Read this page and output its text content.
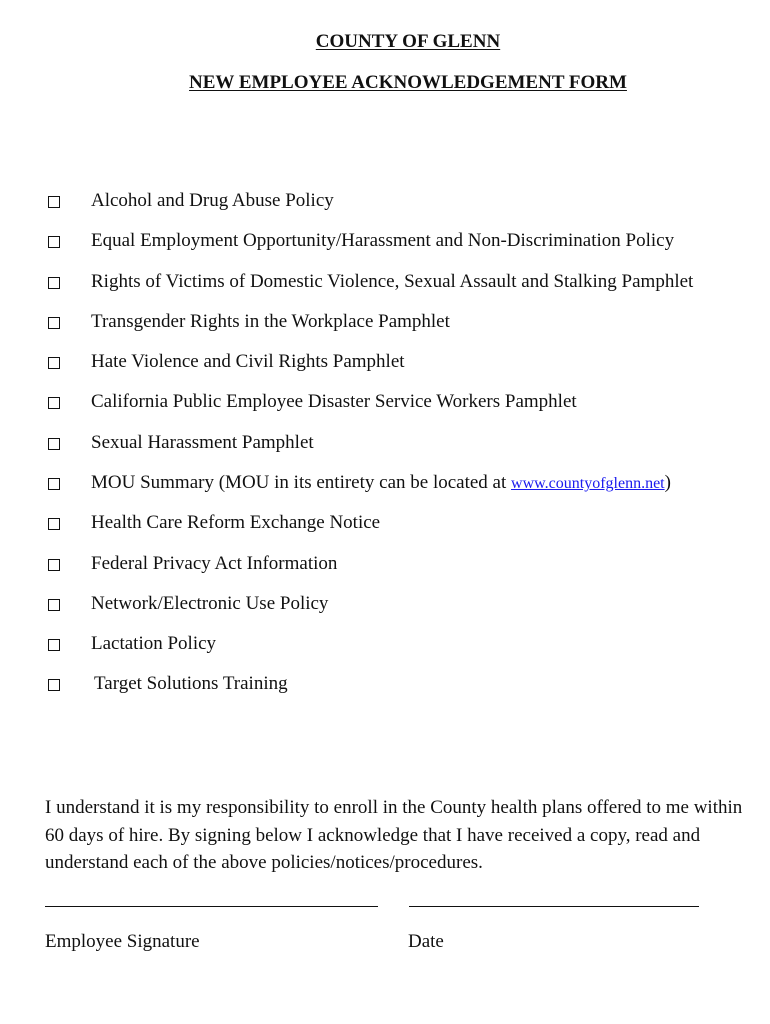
COUNTY OF GLENN
NEW EMPLOYEE ACKNOWLEDGEMENT FORM
Alcohol and Drug Abuse Policy
Equal Employment Opportunity/Harassment and Non-Discrimination Policy
Rights of Victims of Domestic Violence, Sexual Assault and Stalking Pamphlet
Transgender Rights in the Workplace Pamphlet
Hate Violence and Civil Rights Pamphlet
California Public Employee Disaster Service Workers Pamphlet
Sexual Harassment Pamphlet
MOU Summary (MOU in its entirety can be located at www.countyofglenn.net)
Health Care Reform Exchange Notice
Federal Privacy Act Information
Network/Electronic Use Policy
Lactation Policy
Target Solutions Training
I understand it is my responsibility to enroll in the County health plans offered to me within 60 days of hire. By signing below I acknowledge that I have received a copy, read and understand each of the above policies/notices/procedures.
Employee Signature	Date
